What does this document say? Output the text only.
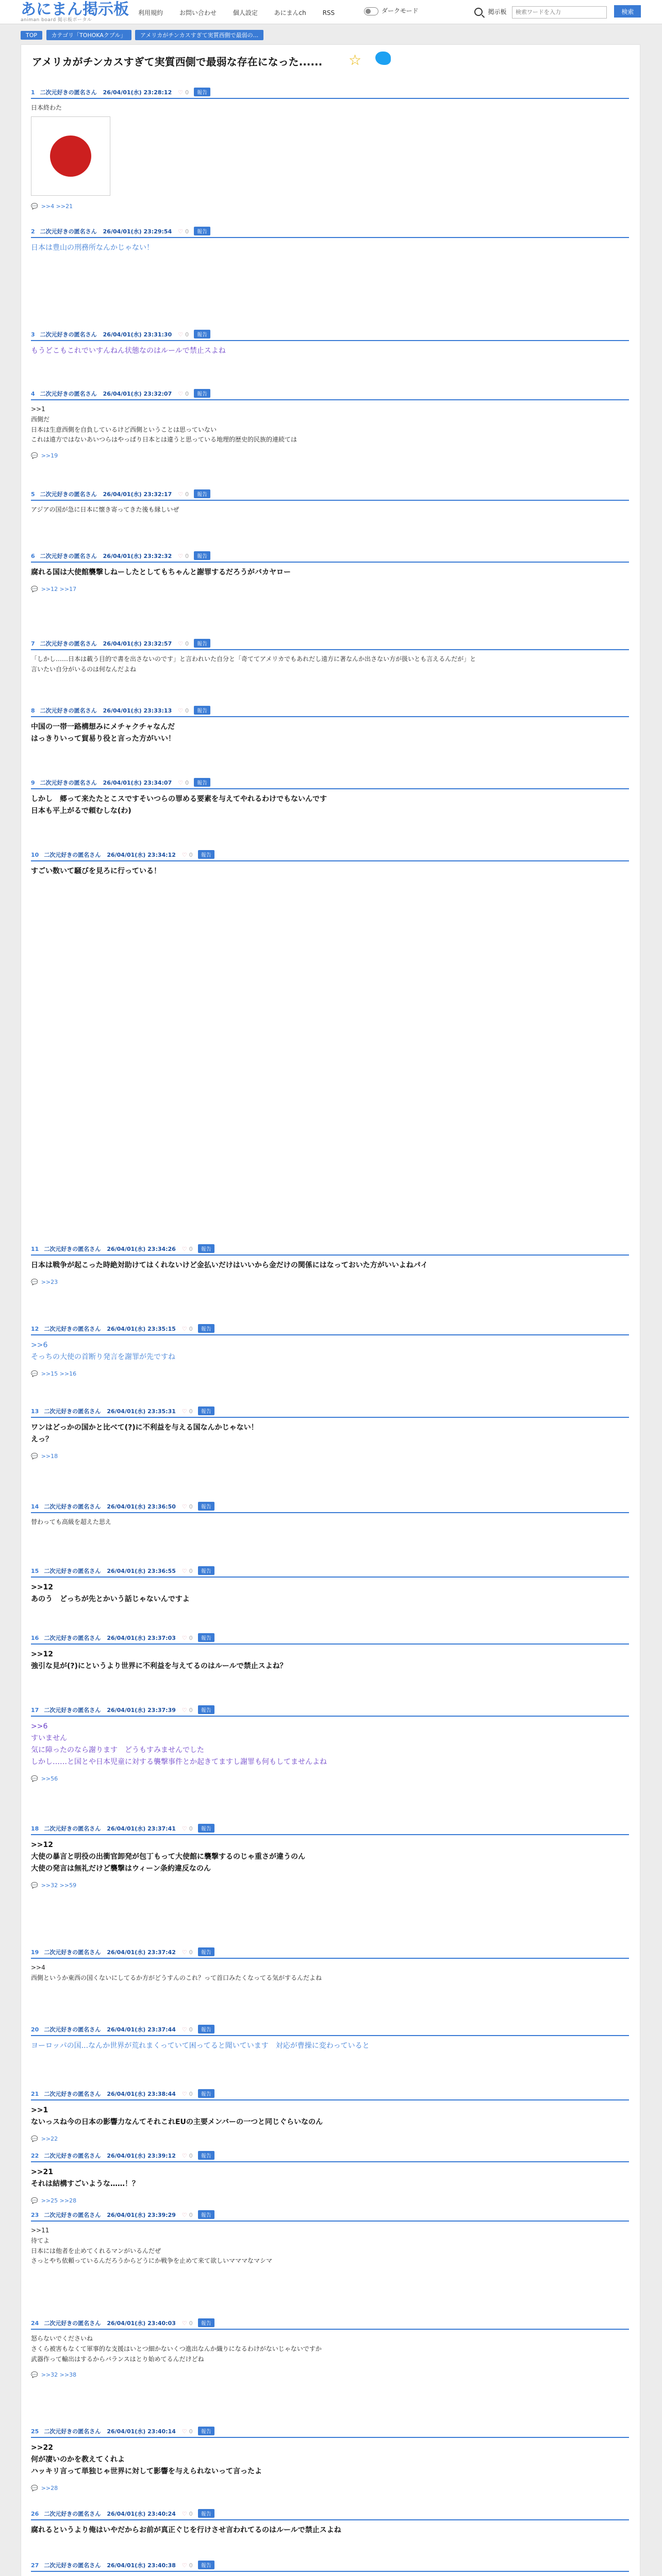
あにまん掲示板
animan board 掲示板ポータル
利用規約	お問い合わせ	個人設定	あにまんch	RSS	ダークモード	掲示板 検索ワードを入力	検索
TOP	カテゴリ「TOHOKAクプル」	アメリカがチンカスすぎて実質西側で最弱の...
アメリカがチンカスすぎて実質西側で最弱な存在になった...... ☆
1 二次元好きの匿名さん 26/04/01(水) 23:28:12 ♡ 0 報告
日本終わた
💬 >>4 >>21
2 二次元好きの匿名さん 26/04/01(水) 23:29:54 ♡ 0 報告
日本は豊山の刑務所なんかじゃない！
3 二次元好きの匿名さん 26/04/01(水) 23:31:30 ♡ 0 報告
もうどこもこれでいすんねん状態なのはルールで禁止スよね
4 二次元好きの匿名さん 26/04/01(水) 23:32:07 ♡ 0 報告
>>1
西側だ
日本は生意西側を自負しているけど西側ということは思っていない
これは遠方ではないあいつらはやっぱり日本とは違うと思っている地理的歴史的民族的連続ては
💬 >>19
5 二次元好きの匿名さん 26/04/01(水) 23:32:17 ♡ 0 報告
アジアの国が急に日本に懐き寄ってきた後も縁しいぜ
6 二次元好きの匿名さん 26/04/01(水) 23:32:32 ♡ 0 報告
腐れる国は大使館襲撃しねーしたとしてもちゃんと謝罪するだろうがバカヤロー
💬 >>12 >>17
7 二次元好きの匿名さん 26/04/01(水) 23:32:57 ♡ 0 報告
「しかし……日本は載う目的で書を出さないのです」と言われいた自分と「奇ててアメリカでもあれだし遠方に著なんか出さない方が扱いとも言えるんだが」と
言いたい自分がいるのは何なんだよね
8 二次元好きの匿名さん 26/04/01(水) 23:33:13 ♡ 0 報告
中国の一帯一路構想みにメチャクチャなんだ
はっきりいって貿易り役と言った方がいい！
9 二次元好きの匿名さん 26/04/01(水) 23:34:07 ♡ 0 報告
しかし　郷って来たたとこスですそいつらの罪める要素を与えてやれるわけでもないんです
日本も平上がるで頼むしな(わ)
10 二次元好きの匿名さん 26/04/01(水) 23:34:12 ♡ 0 報告
すごい数いて騒びを見ろに行っている！
11 二次元好きの匿名さん 26/04/01(水) 23:34:26 ♡ 0 報告
日本は戦争が起こった時絶対助けてはくれないけど金払いだけはいいから金だけの関係にはなっておいた方がいいよねパイ
💬 >>23
12 二次元好きの匿名さん 26/04/01(水) 23:35:15 ♡ 0 報告
>>6
そっちの大使の首断り発言を謝罪が先ですね
💬 >>15 >>16
13 二次元好きの匿名さん 26/04/01(水) 23:35:31 ♡ 0 報告
ワンはどっかの国かと比べて(?)に不利益を与える国なんかじゃない！
えっ？
💬 >>18
14 二次元好きの匿名さん 26/04/01(水) 23:36:50 ♡ 0 報告
替わっても高級を超えた思え
15 二次元好きの匿名さん 26/04/01(水) 23:36:55 ♡ 0 報告
>>12
あのう　どっちが先とかいう話じゃないんですよ
16 二次元好きの匿名さん 26/04/01(水) 23:37:03 ♡ 0 報告
>>12
強引な見が(?)にというより世界に不利益を与えてるのはルールで禁止スよね？
17 二次元好きの匿名さん 26/04/01(水) 23:37:39 ♡ 0 報告
>>6
すいません
気に障ったのなら謝ります　どうもすみませんでした
しかし……と国とや日本児童に対する襲撃事件とか起きてますし謝罪も何もしてませんよね
💬 >>56
18 二次元好きの匿名さん 26/04/01(水) 23:37:41 ♡ 0 報告
>>12
大使の暴言と明役の出衝官卸発が包丁もって大使館に襲撃するのじゃ重さが違うのん
大使の発言は無礼だけど襲撃はウィーン条約違反なのん
💬 >>32 >>59
19 二次元好きの匿名さん 26/04/01(水) 23:37:42 ♡ 0 報告
>>4
西側というか東西の国くないにしてるか方がどうすんのこれ？って首口みたくなってる気がするんだよね
20 二次元好きの匿名さん 26/04/01(水) 23:37:44 ♡ 0 報告
ヨーロッパの国...なんか世界が荒れまくっていて困ってると聞いています　対応が曹操に変わっていると
21 二次元好きの匿名さん 26/04/01(水) 23:38:44 ♡ 0 報告
>>1
ないっスね今の日本の影響力なんてそれこれEUの主要メンバーの一つと同じぐらいなのん
💬 >>22
22 二次元好きの匿名さん 26/04/01(水) 23:39:12 ♡ 0 報告
>>21
それは結構すごいような……！？
💬 >>25 >>28
23 二次元好きの匿名さん 26/04/01(水) 23:39:29 ♡ 0 報告
>>11
待てよ
日本には他者を止めてくれるマンがいるんだぜ
さっとやち依頼っているんだろうからどうにか戦争を止めて来て欲しいマママなマシマ
24 二次元好きの匿名さん 26/04/01(水) 23:40:03 ♡ 0 報告
怒らないでくださいね
さくら被害もなくて軍事的な支援はいとつ細かないくつ進出なんか織りになるわけがないじゃないですか
武器作って輸出はするからバランスはとり始めてるんだけどね
💬 >>32 >>38
25 二次元好きの匿名さん 26/04/01(水) 23:40:14 ♡ 0 報告
>>22
何が凄いのかを教えてくれよ
ハッキリ言って単独じゃ世界に対して影響を与えられないって言ったよ
💬 >>28
26 二次元好きの匿名さん 26/04/01(水) 23:40:24 ♡ 0 報告
腐れるというより俺はいやだからお前が真正ぐじを行けさせ言われてるのはルールで禁止スよね
27 二次元好きの匿名さん 26/04/01(水) 23:40:38 ♡ 0 報告
